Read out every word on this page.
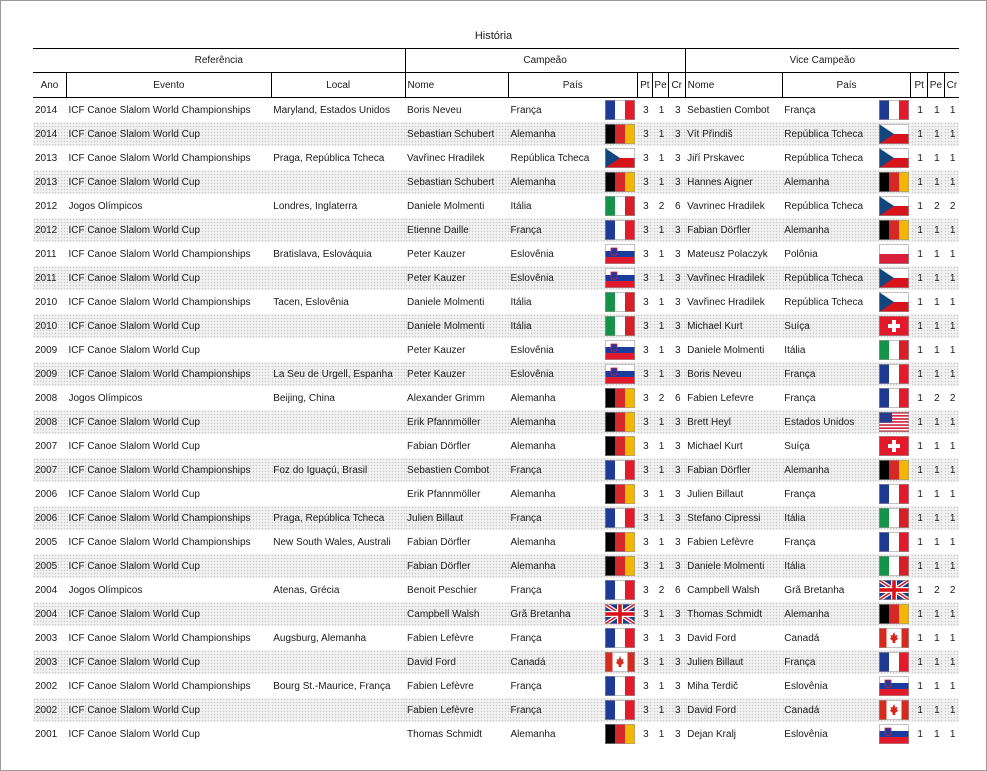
História
Referência			Campeão						Vice Campeão					
Ano	Evento	Local	Nome	País		Pt	Pe	Cr	Nome	País		Pt	Pe	Cr
2014	ICF Canoe Slalom World Championships	Maryland, Estados Unidos	Boris Neveu	França		3	1	3	Sebastien Combot	França		1	1	1
2014	ICF Canoe Slalom World Cup		Sebastian Schubert	Alemanha		3	1	3	Vít Přindiš	República Tcheca		1	1	1
2013	ICF Canoe Slalom World Championships	Praga, República Tcheca	Vavřinec Hradilek	República Tcheca		3	1	3	Jiří Prskavec	República Tcheca		1	1	1
2013	ICF Canoe Slalom World Cup		Sebastian Schubert	Alemanha		3	1	3	Hannes Aigner	Alemanha		1	1	1
2012	Jogos Olímpicos	Londres, Inglaterra	Daniele Molmenti	Itália		3	2	6	Vavrinec Hradilek	República Tcheca		1	2	2
2012	ICF Canoe Slalom World Cup		Etienne Daille	França		3	1	3	Fabian Dörfler	Alemanha		1	1	1
2011	ICF Canoe Slalom World Championships	Bratislava, Eslováquia	Peter Kauzer	Eslovênia		3	1	3	Mateusz Polaczyk	Polônia		1	1	1
2011	ICF Canoe Slalom World Cup		Peter Kauzer	Eslovênia		3	1	3	Vavřinec Hradilek	República Tcheca		1	1	1
2010	ICF Canoe Slalom World Championships	Tacen, Eslovênia	Daniele Molmenti	Itália		3	1	3	Vavřinec Hradilek	República Tcheca		1	1	1
2010	ICF Canoe Slalom World Cup		Daniele Molmenti	Itália		3	1	3	Michael Kurt	Suíça		1	1	1
2009	ICF Canoe Slalom World Cup		Peter Kauzer	Eslovênia		3	1	3	Daniele Molmenti	Itália		1	1	1
2009	ICF Canoe Slalom World Championships	La Seu de Urgell, Espanha	Peter Kauzer	Eslovênia		3	1	3	Boris Neveu	França		1	1	1
2008	Jogos Olímpicos	Beijing, China	Alexander Grimm	Alemanha		3	2	6	Fabien Lefevre	França		1	2	2
2008	ICF Canoe Slalom World Cup		Erik Pfannmöller	Alemanha		3	1	3	Brett Heyl	Estados Unidos		1	1	1
2007	ICF Canoe Slalom World Cup		Fabian Dörfler	Alemanha		3	1	3	Michael Kurt	Suíça		1	1	1
2007	ICF Canoe Slalom World Championships	Foz do Iguaçú, Brasil	Sebastien Combot	França		3	1	3	Fabian Dörfler	Alemanha		1	1	1
2006	ICF Canoe Slalom World Cup		Erik Pfannmöller	Alemanha		3	1	3	Julien Billaut	França		1	1	1
2006	ICF Canoe Slalom World Championships	Praga, República Tcheca	Julien Billaut	França		3	1	3	Stefano Cipressi	Itália		1	1	1
2005	ICF Canoe Slalom World Championships	New South Wales, Australi	Fabian Dörfler	Alemanha		3	1	3	Fabien Lefèvre	França		1	1	1
2005	ICF Canoe Slalom World Cup		Fabian Dörfler	Alemanha		3	1	3	Daniele Molmenti	Itália		1	1	1
2004	Jogos Olímpicos	Atenas, Grécia	Benoit Peschier	França		3	2	6	Campbell Walsh	Grã Bretanha		1	2	2
2004	ICF Canoe Slalom World Cup		Campbell Walsh	Grã Bretanha		3	1	3	Thomas Schmidt	Alemanha		1	1	1
2003	ICF Canoe Slalom World Championships	Augsburg, Alemanha	Fabien Lefèvre	França		3	1	3	David Ford	Canadá		1	1	1
2003	ICF Canoe Slalom World Cup		David Ford	Canadá		3	1	3	Julien Billaut	França		1	1	1
2002	ICF Canoe Slalom World Championships	Bourg St.-Maurice, França	Fabien Lefèvre	França		3	1	3	Miha Terdič	Eslovênia		1	1	1
2002	ICF Canoe Slalom World Cup		Fabien Lefèvre	França		3	1	3	David Ford	Canadá		1	1	1
2001	ICF Canoe Slalom World Cup		Thomas Schmidt	Alemanha		3	1	3	Dejan Kralj	Eslovênia		1	1	1
